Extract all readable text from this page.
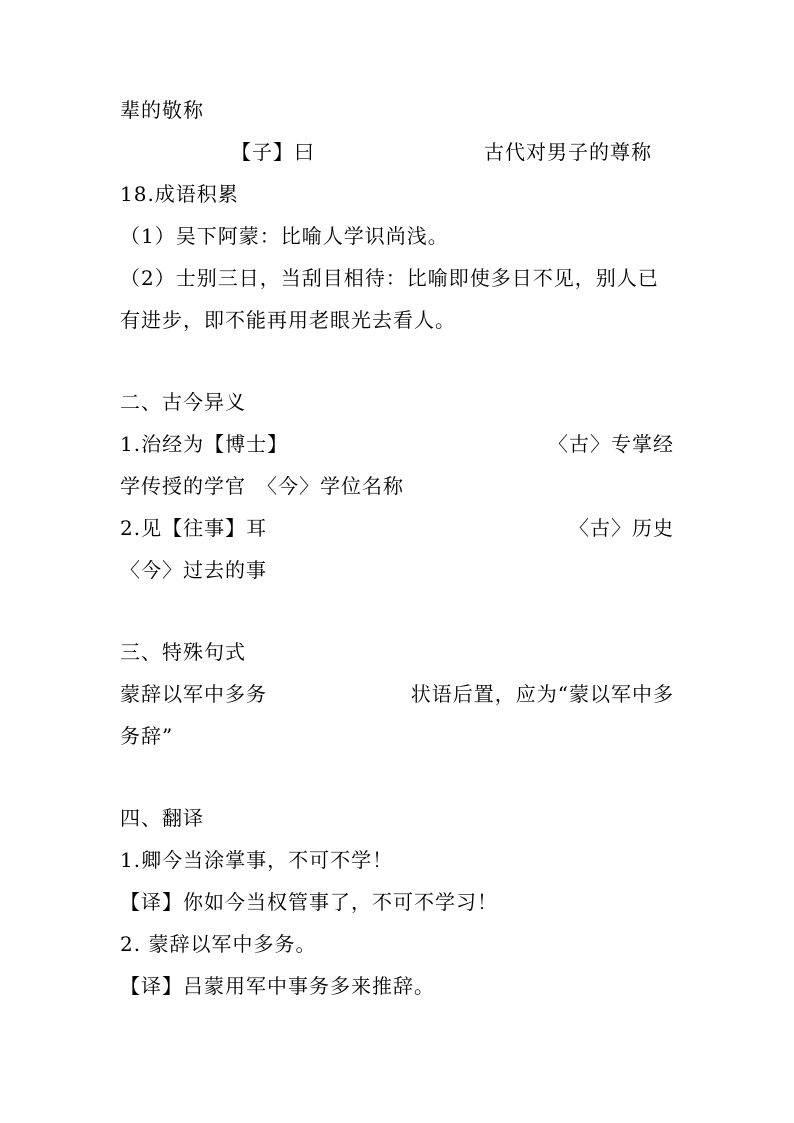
辈的敬称
【子】曰	古代对男子的尊称
18.成语积累
（1）吴下阿蒙：比喻人学识尚浅。
（2）士别三日，当刮目相待：比喻即使多日不见，别人已
有进步，即不能再用老眼光去看人。
二、古今异义
1.治经为【博士】	〈古〉专掌经
学传授的学官　〈今〉学位名称
2.见【往事】耳	〈古〉历史
〈今〉过去的事
三、特殊句式
蒙辞以军中多务	状语后置，应为“蒙以军中多
务辞”
四、翻译
1.卿今当涂掌事，不可不学！
【译】你如今当权管事了，不可不学习！
2. 蒙辞以军中多务。
【译】吕蒙用军中事务多来推辞。
